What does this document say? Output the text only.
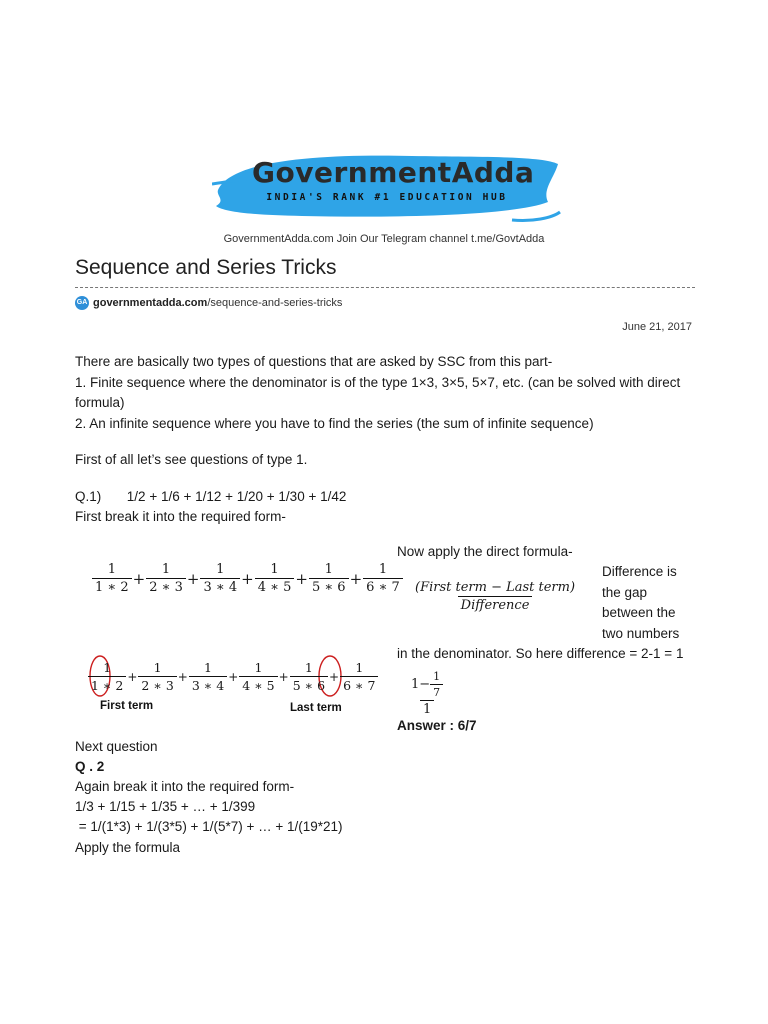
GovernmentAdda
INDIA'S RANK #1 EDUCATION HUB
GovernmentAdda.com Join Our Telegram channel t.me/GovtAdda
Sequence and Series Tricks
GA governmentadda.com /sequence-and-series-tricks
June 21, 2017
There are basically two types of questions that are asked by SSC from this part-
1. Finite sequence where the denominator is of the type 1×3, 3×5, 5×7, etc. (can be solved with direct
formula)
2. An infinite sequence where you have to find the series (the sum of infinite sequence)
First of all let’s see questions of type 1.
Q.1) 1/2 + 1/6 + 1/12 + 1/20 + 1/30 + 1/42
First break it into the required form-
$\frac{1}{1 ∗ 2} + \frac{1}{2 ∗ 3} + \frac{1}{3 ∗ 4} + \frac{1}{4 ∗ 5} + \frac{1}{5 ∗ 6} + \frac{1}{6 ∗ 7}$
$\frac{1}{1 ∗ 2} + \frac{1}{2 ∗ 3} + \frac{1}{3 ∗ 4} + \frac{1}{4 ∗ 5} + \frac{1}{5 ∗ 6} + \frac{1}{6 ∗ 7}$
First term	Last term
Now apply the direct formula-
$\frac{\text{(First term − Last term)}}{\text{Difference}}$
Difference is the gap between the two numbers
in the denominator. So here difference = 2-1 = 1
$\frac{1- \frac{1}{7}}{1}$
Answer : 6/7
Next question
Q . 2
Again break it into the required form-
1/3 + 1/15 + 1/35 + … + 1/399
= 1/(1*3) + 1/(3*5) + 1/(5*7) + … + 1/(19*21)
Apply the formula
